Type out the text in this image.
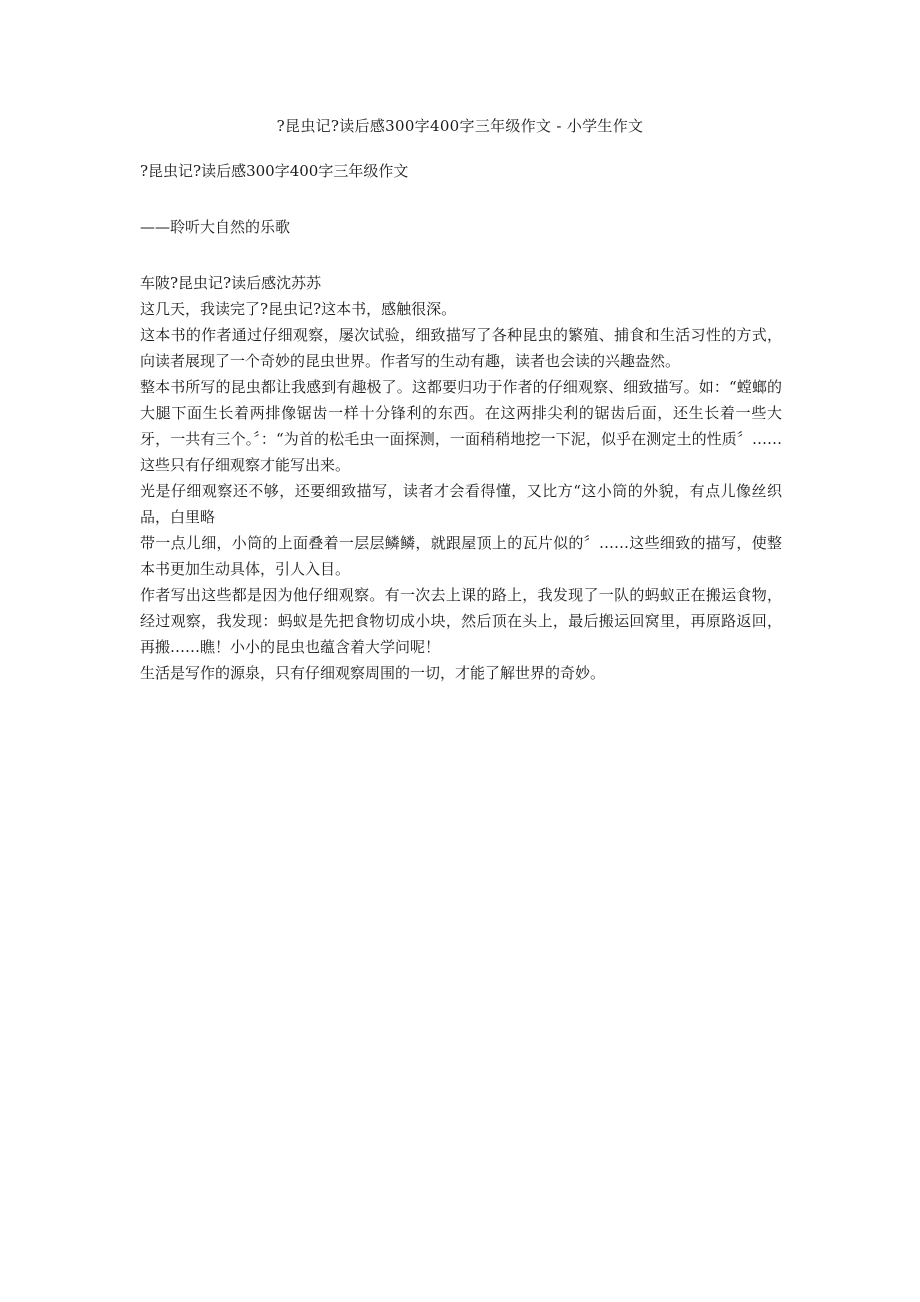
?昆虫记?读后感300字400字三年级作文 - 小学生作文

?昆虫记?读后感300字400字三年级作文

——聆听大自然的乐歌

车陂?昆虫记?读后感沈苏苏

这几天，我读完了?昆虫记?这本书，感触很深。

这本书的作者通过仔细观察，屡次试验，细致描写了各种昆虫的繁殖、捕食和生活习性的方式，向读者展现了一个奇妙的昆虫世界。作者写的生动有趣，读者也会读的兴趣盎然。

整本书所写的昆虫都让我感到有趣极了。这都要归功于作者的仔细观察、细致描写。如：“螳螂的大腿下面生长着两排像锯齿一样十分锋利的东西。在这两排尖利的锯齿后面，还生长着一些大牙，一共有三个。〞：“为首的松毛虫一面探测，一面稍稍地挖一下泥，似乎在测定土的性质〞……这些只有仔细观察才能写出来。

光是仔细观察还不够，还要细致描写，读者才会看得懂，又比方“这小筒的外貌，有点儿像丝织品，白里略

带一点儿细，小筒的上面叠着一层层鳞鳞，就跟屋顶上的瓦片似的〞……这些细致的描写，使整本书更加生动具体，引人入目。

作者写出这些都是因为他仔细观察。有一次去上课的路上，我发现了一队的蚂蚁正在搬运食物，经过观察，我发现：蚂蚁是先把食物切成小块，然后顶在头上，最后搬运回窝里，再原路返回，再搬……瞧！小小的昆虫也蕴含着大学问呢！

生活是写作的源泉，只有仔细观察周围的一切，才能了解世界的奇妙。
